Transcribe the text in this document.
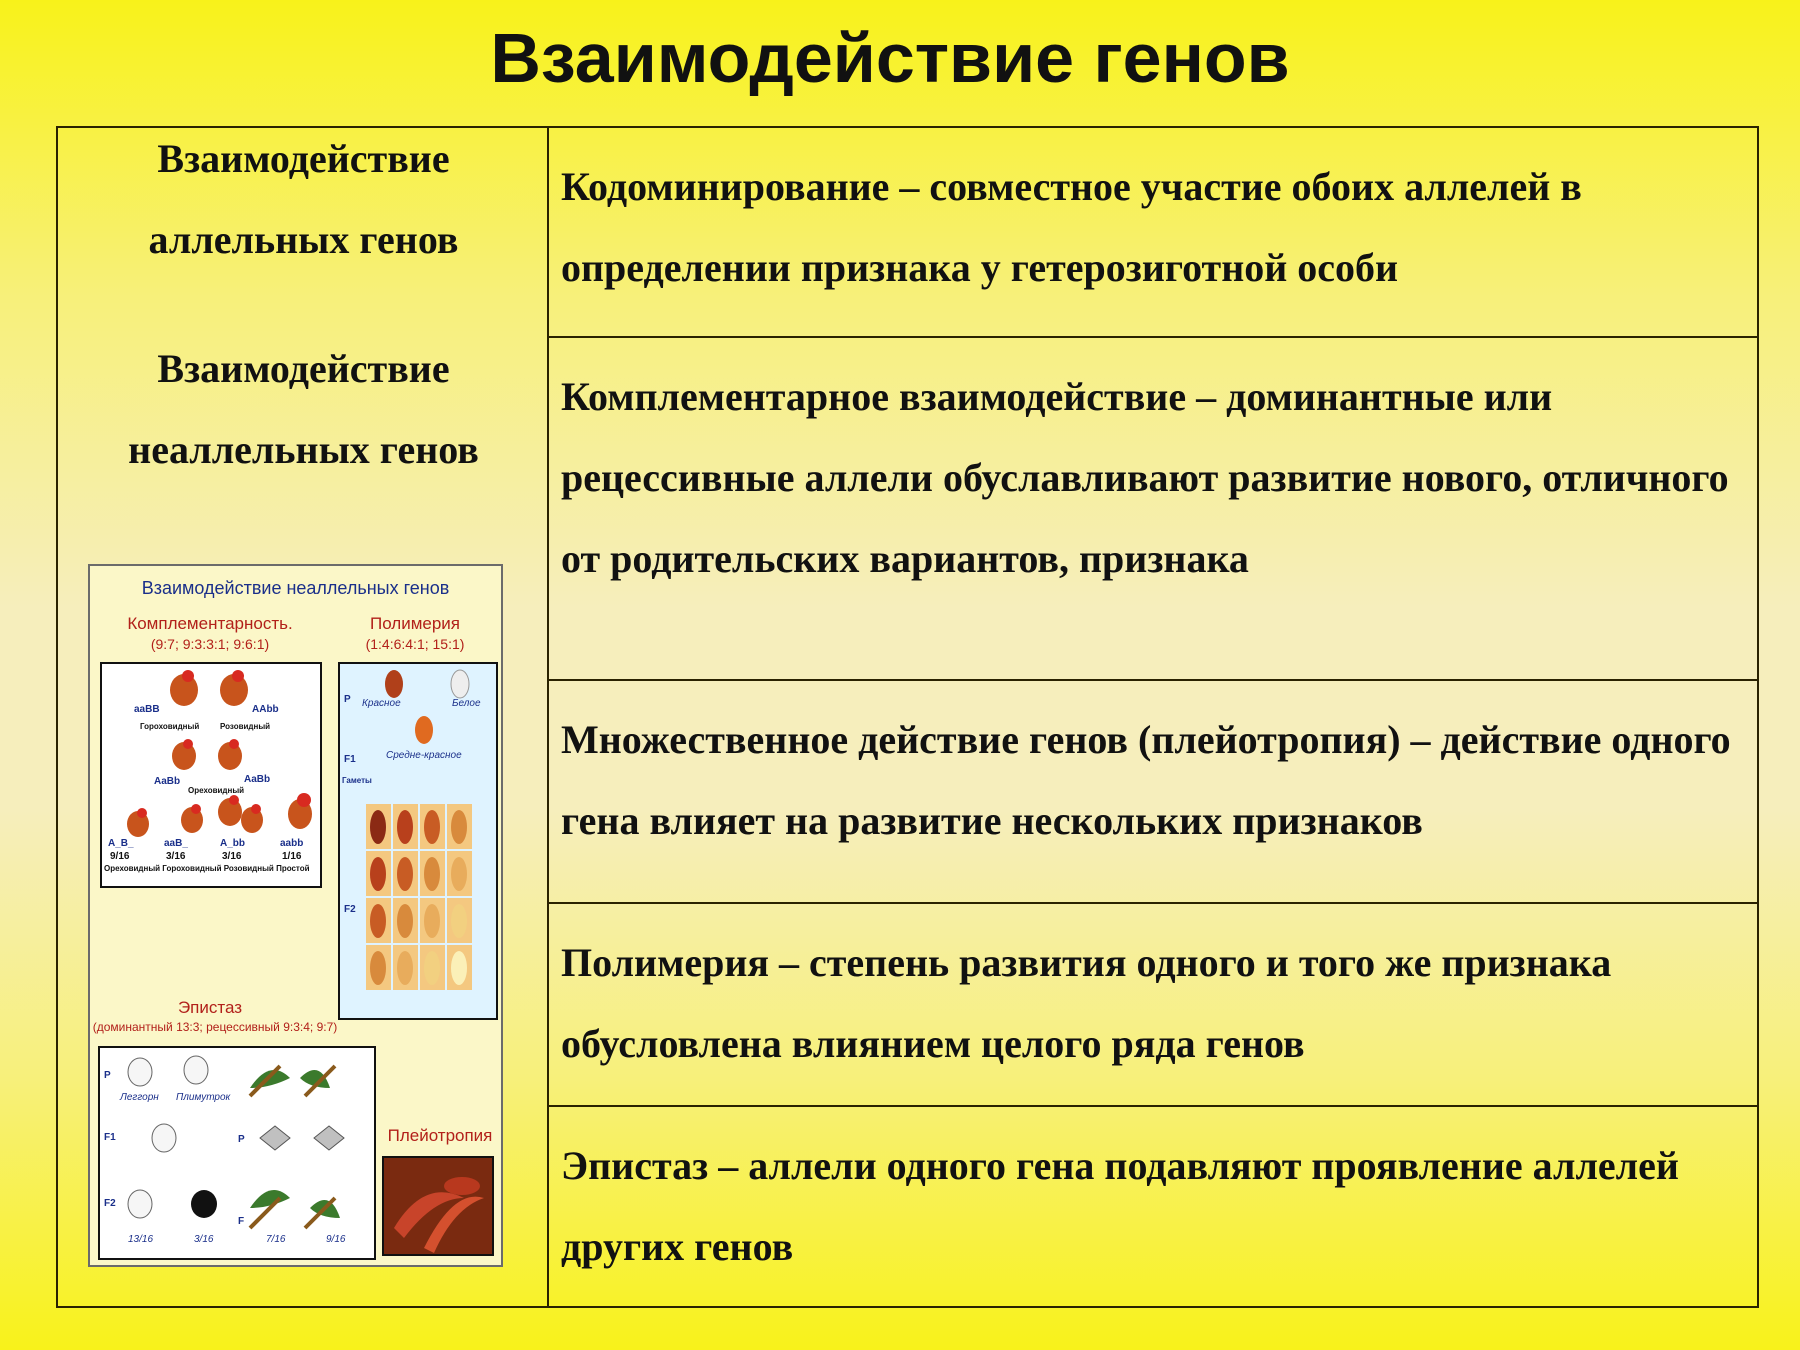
Взаимодействие генов
Взаимодействие аллельных генов
Взаимодействие неаллельных генов
Взаимодействие неаллельных генов
Комплементарность.
(9:7; 9:3:3:1; 9:6:1)
Полимерия
(1:4:6:4:1; 15:1)
aaBB	AAbb
Гороховидный	Розовидный
AaBb	AaBb
Ореховидный
A_B_	aaB_	A_bb	aabb
9/16	3/16	3/16	1/16
Ореховидный Гороховидный Розовидный Простой
P Красное	Белое
Средне-красное
F1
Гаметы
F2
Эпистаз
(доминантный 13:3; рецессивный 9:3:4; 9:7)
P
Леггорн Плимутрок
F1
F2
13/16	3/16
P
F
7/16	9/16
Плейотропия
Кодоминирование – совместное участие обоих аллелей в определении признака у гетерозиготной особи
Комплементарное взаимодействие – доминантные или рецессивные аллели обуславливают развитие нового, отличного от родительских вариантов, признака
Множественное действие генов (плейотропия) – действие одного гена влияет на развитие нескольких признаков
Полимерия – степень развития одного и того же признака обусловлена влиянием целого ряда генов
Эпистаз – аллели одного гена подавляют проявление аллелей других генов
